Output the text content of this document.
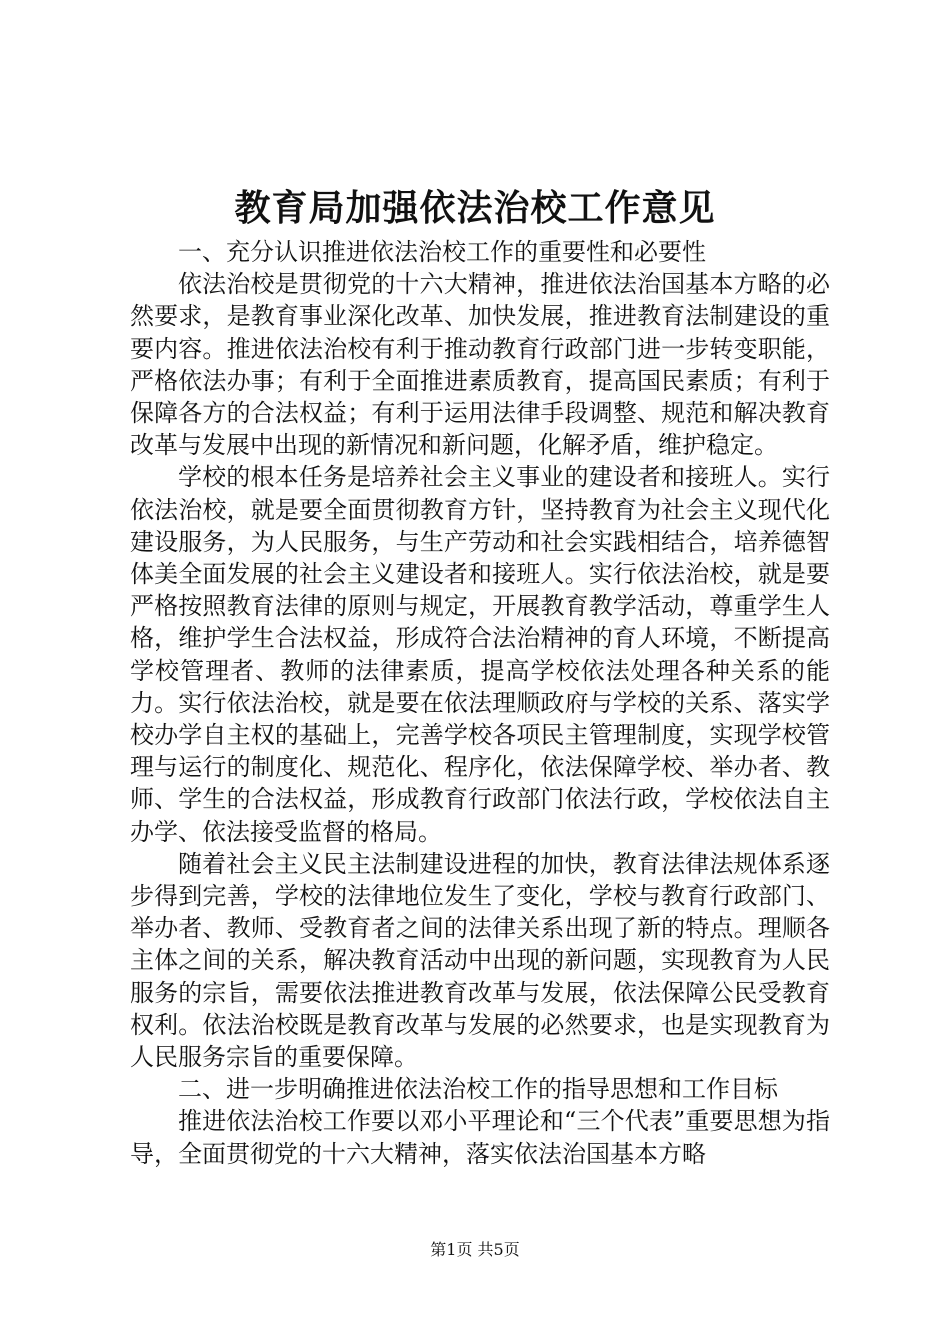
教育局加强依法治校工作意见

一、充分认识推进依法治校工作的重要性和必要性

依法治校是贯彻党的十六大精神，推进依法治国基本方略的必然要求，是教育事业深化改革、加快发展，推进教育法制建设的重要内容。推进依法治校有利于推动教育行政部门进一步转变职能，严格依法办事；有利于全面推进素质教育，提高国民素质；有利于保障各方的合法权益；有利于运用法律手段调整、规范和解决教育改革与发展中出现的新情况和新问题，化解矛盾，维护稳定。

学校的根本任务是培养社会主义事业的建设者和接班人。实行依法治校，就是要全面贯彻教育方针，坚持教育为社会主义现代化建设服务，为人民服务，与生产劳动和社会实践相结合，培养德智体美全面发展的社会主义建设者和接班人。实行依法治校，就是要严格按照教育法律的原则与规定，开展教育教学活动，尊重学生人格，维护学生合法权益，形成符合法治精神的育人环境，不断提高学校管理者、教师的法律素质，提高学校依法处理各种关系的能力。实行依法治校，就是要在依法理顺政府与学校的关系、落实学校办学自主权的基础上，完善学校各项民主管理制度，实现学校管理与运行的制度化、规范化、程序化，依法保障学校、举办者、教师、学生的合法权益，形成教育行政部门依法行政，学校依法自主办学、依法接受监督的格局。

随着社会主义民主法制建设进程的加快，教育法律法规体系逐步得到完善，学校的法律地位发生了变化，学校与教育行政部门、举办者、教师、受教育者之间的法律关系出现了新的特点。理顺各主体之间的关系，解决教育活动中出现的新问题，实现教育为人民服务的宗旨，需要依法推进教育改革与发展，依法保障公民受教育权利。依法治校既是教育改革与发展的必然要求，也是实现教育为人民服务宗旨的重要保障。

二、进一步明确推进依法治校工作的指导思想和工作目标

推进依法治校工作要以邓小平理论和“三个代表”重要思想为指导，全面贯彻党的十六大精神，落实依法治国基本方略

第1页 共5页
